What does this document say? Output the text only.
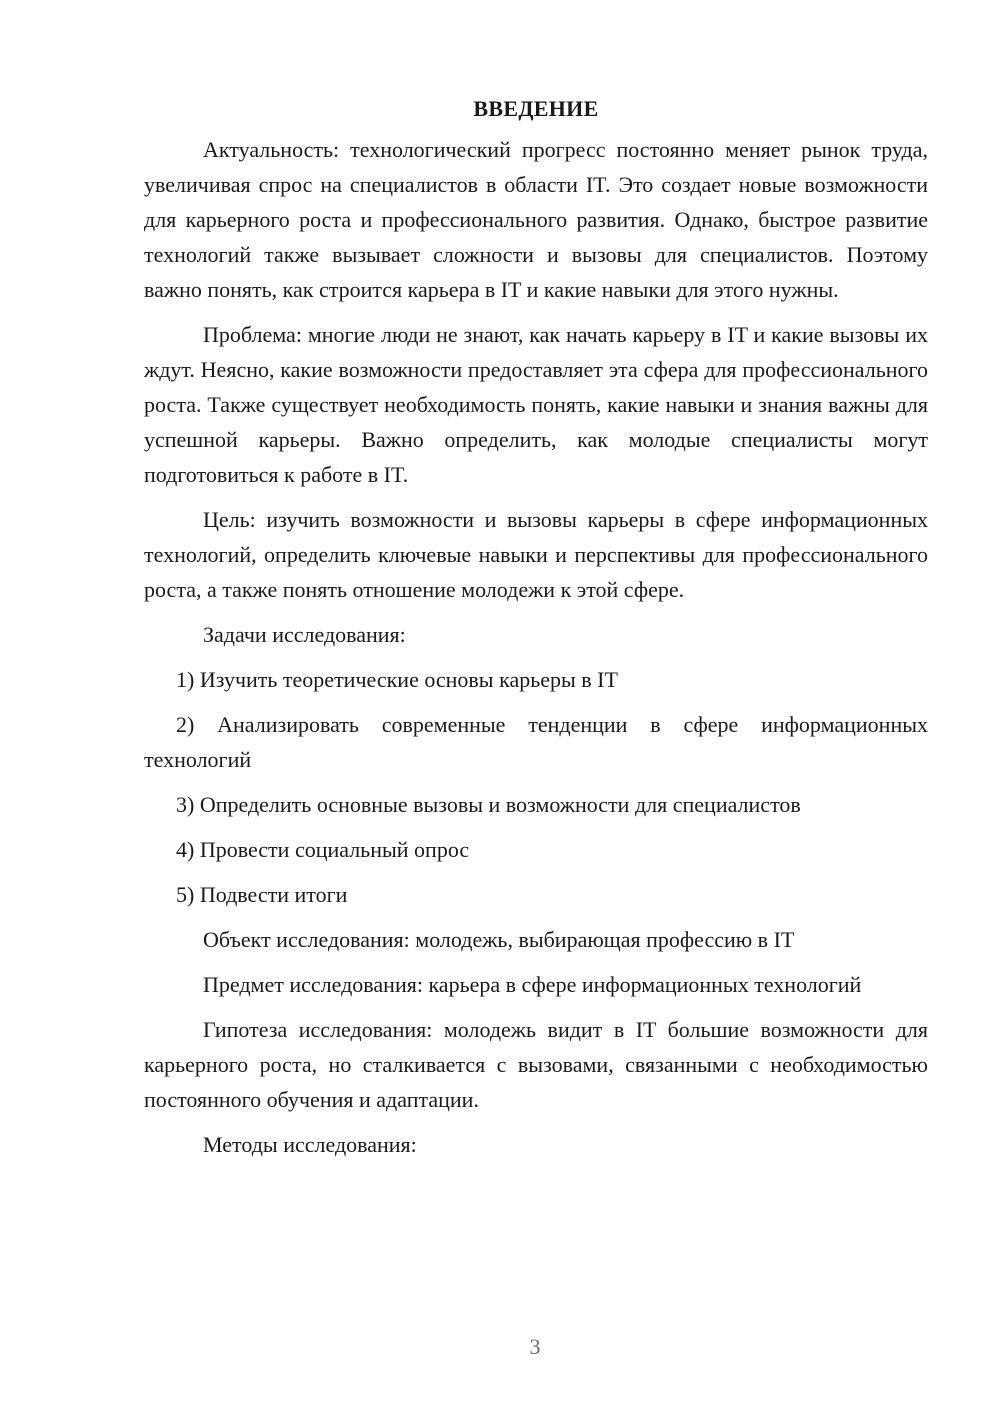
ВВЕДЕНИЕ

Актуальность: технологический прогресс постоянно меняет рынок труда, увеличивая спрос на специалистов в области IT. Это создает новые возможности для карьерного роста и профессионального развития. Однако, быстрое развитие технологий также вызывает сложности и вызовы для специалистов. Поэтому важно понять, как строится карьера в IT и какие навыки для этого нужны.

Проблема: многие люди не знают, как начать карьеру в IT и какие вызовы их ждут. Неясно, какие возможности предоставляет эта сфера для профессионального роста. Также существует необходимость понять, какие навыки и знания важны для успешной карьеры. Важно определить, как молодые специалисты могут подготовиться к работе в IT.

Цель: изучить возможности и вызовы карьеры в сфере информационных технологий, определить ключевые навыки и перспективы для профессионального роста, а также понять отношение молодежи к этой сфере.

Задачи исследования:

1) Изучить теоретические основы карьеры в IT

2) Анализировать современные тенденции в сфере информационных технологий

3) Определить основные вызовы и возможности для специалистов

4) Провести социальный опрос

5) Подвести итоги

Объект исследования: молодежь, выбирающая профессию в IT

Предмет исследования: карьера в сфере информационных технологий

Гипотеза исследования: молодежь видит в IT большие возможности для карьерного роста, но сталкивается с вызовами, связанными с необходимостью постоянного обучения и адаптации.

Методы исследования:

3
